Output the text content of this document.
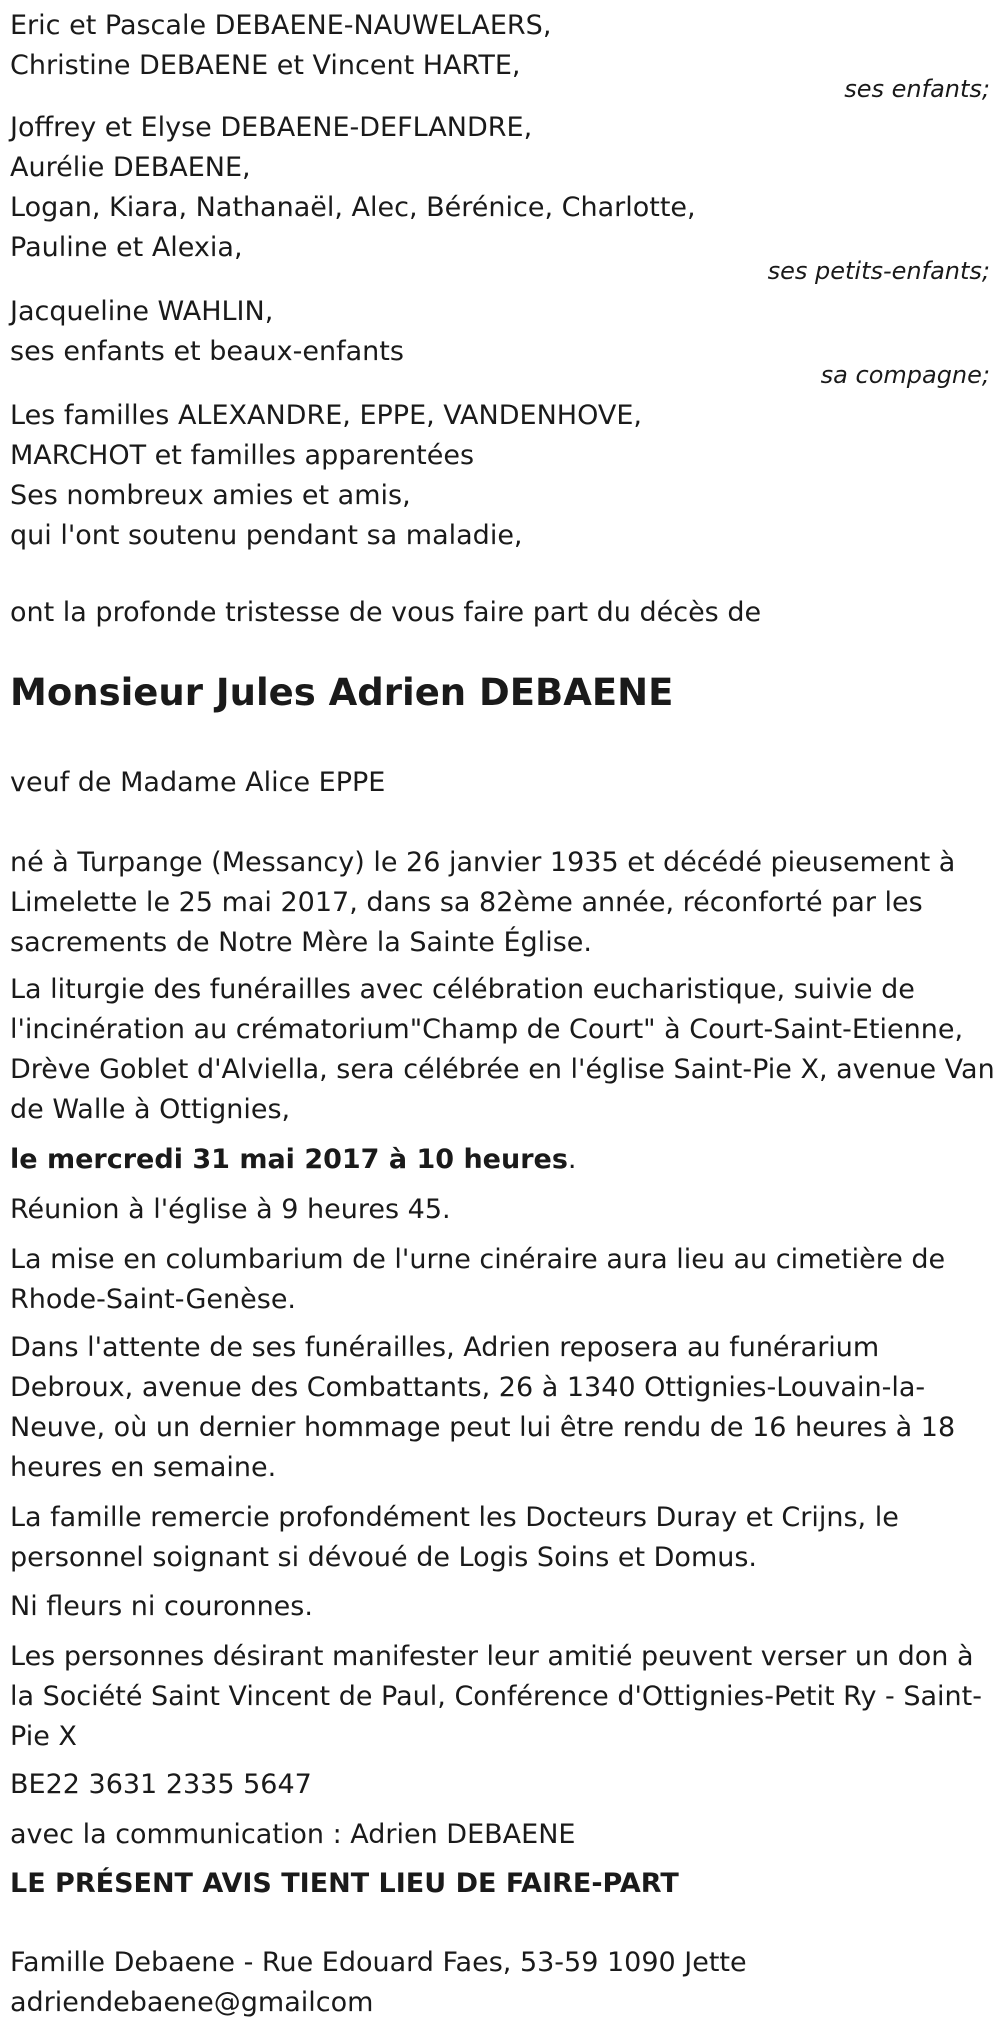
Eric et Pascale DEBAENE-NAUWELAERS,
Christine DEBAENE et Vincent HARTE,
ses enfants;
Joffrey et Elyse DEBAENE-DEFLANDRE,
Aurélie DEBAENE,
Logan, Kiara, Nathanaël, Alec, Bérénice, Charlotte,
Pauline et Alexia,
ses petits-enfants;
Jacqueline WAHLIN,
ses enfants et beaux-enfants
sa compagne;
Les familles ALEXANDRE, EPPE, VANDENHOVE,
MARCHOT et familles apparentées
Ses nombreux amies et amis,
qui l'ont soutenu pendant sa maladie,
ont la profonde tristesse de vous faire part du décès de
Monsieur Jules Adrien DEBAENE
veuf de Madame Alice EPPE
né à Turpange (Messancy) le 26 janvier 1935 et décédé pieusement à Limelette le 25 mai 2017, dans sa 82ème année, réconforté par les sacrements de Notre Mère la Sainte Église.
La liturgie des funérailles avec célébration eucharistique, suivie de l'incinération au crématorium"Champ de Court" à Court-Saint-Etienne, Drève Goblet d'Alviella, sera célébrée en l'église Saint-Pie X, avenue Van de Walle à Ottignies,
le mercredi 31 mai 2017 à 10 heures.
Réunion à l'église à 9 heures 45.
La mise en columbarium de l'urne cinéraire aura lieu au cimetière de Rhode-Saint-Genèse.
Dans l'attente de ses funérailles, Adrien reposera au funérarium Debroux, avenue des Combattants, 26 à 1340 Ottignies-Louvain-la-Neuve, où un dernier hommage peut lui être rendu de 16 heures à 18 heures en semaine.
La famille remercie profondément les Docteurs Duray et Crijns, le personnel soignant si dévoué de Logis Soins et Domus.
Ni fleurs ni couronnes.
Les personnes désirant manifester leur amitié peuvent verser un don à la Société Saint Vincent de Paul, Conférence d'Ottignies-Petit Ry - Saint-Pie X
BE22 3631 2335 5647
avec la communication : Adrien DEBAENE
LE PRÉSENT AVIS TIENT LIEU DE FAIRE-PART
Famille Debaene - Rue Edouard Faes, 53-59 1090 Jette
adriendebaene@gmailcom
